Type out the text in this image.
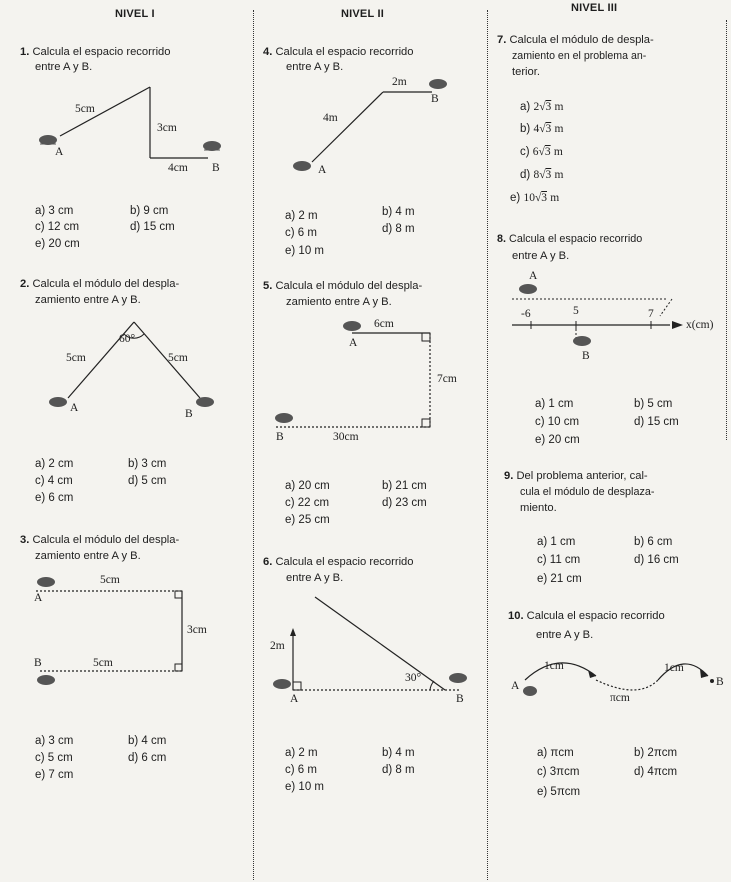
NIVEL I	NIVEL II	NIVEL III
1. Calcula el espacio recorrido
entre A y B.
5cm
3cm
4cm
A
B
a) 3 cm	b) 9 cm
c) 12 cm	d) 15 cm
e) 20 cm
2. Calcula el módulo del despla-
zamiento entre A y B.
60°
5cm	5cm
A	B
a) 2 cm	b) 3 cm
c) 4 cm	d) 5 cm
e) 6 cm
3. Calcula el módulo del despla-
zamiento entre A y B.
5cm
3cm
5cm
A
B
a) 3 cm	b) 4 cm
c) 5 cm	d) 6 cm
e) 7 cm
4. Calcula el espacio recorrido
entre A y B.
2m
4m
A
B
a) 2 m	b) 4 m
c) 6 m	d) 8 m
e) 10 m
5. Calcula el módulo del despla-
zamiento entre A y B.
6cm
7cm
30cm
A
B
a) 20 cm	b) 21 cm
c) 22 cm	d) 23 cm
e) 25 cm
6. Calcula el espacio recorrido
entre A y B.
2m
30°
A	B
a) 2 m	b) 4 m
c) 6 m	d) 8 m
e) 10 m
7. Calcula el módulo de despla-
zamiento en el problema an-
terior.
a) 2√3 m
b) 4√3 m
c) 6√3 m
d) 8√3 m
e) 10√3 m
8. Calcula el espacio recorrido
entre A y B.
A
B
-6	5	7
x(cm)
a) 1 cm	b) 5 cm
c) 10 cm	d) 15 cm
e) 20 cm
9. Del problema anterior, cal-
cula el módulo de desplaza-
miento.
a) 1 cm	b) 6 cm
c) 11 cm	d) 16 cm
e) 21 cm
10. Calcula el espacio recorrido
entre A y B.
1cm	1cm
πcm
A	B
a) πcm	b) 2πcm
c) 3πcm	d) 4πcm
e) 5πcm
